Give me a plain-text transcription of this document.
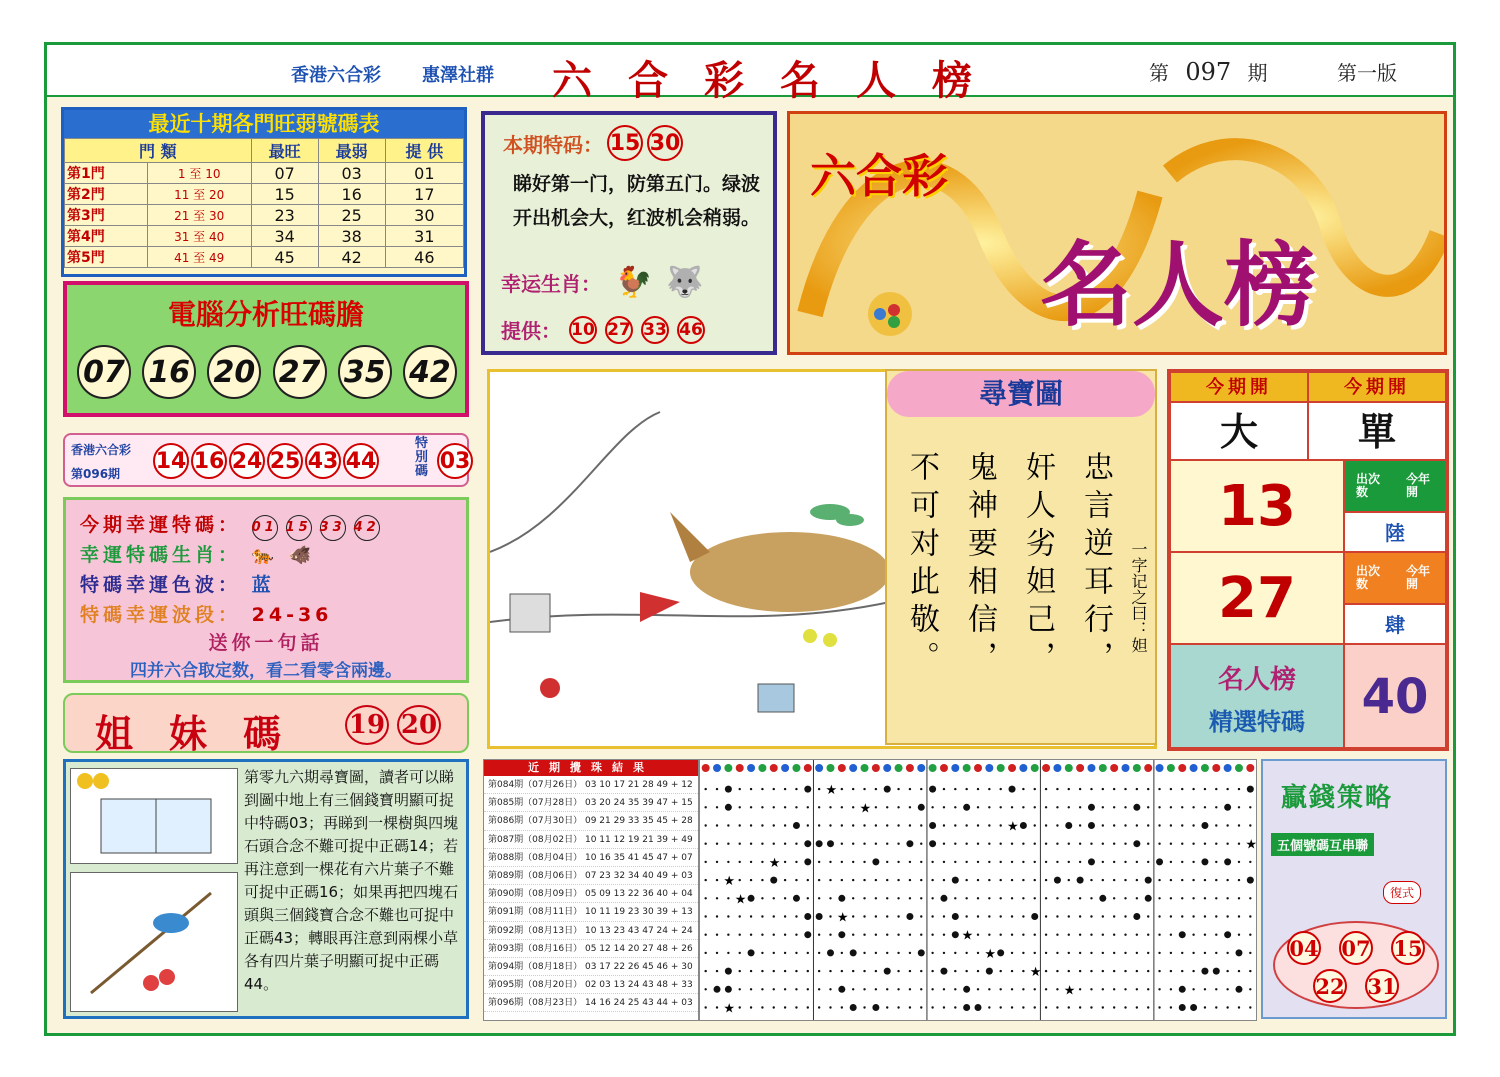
香港六合彩 惠澤社群 六合彩名人榜	第 097 期	第一版
最近十期各門旺弱號碼表
門 類		最旺	最弱	提 供
第1門	1 至 10	07	03	01
第2門	11 至 20	15	16	17
第3門	21 至 30	23	25	30
第4門	31 至 40	34	38	31
第5門	41 至 49	45	42	46
電腦分析旺碼膽
07 16 20 27 35 42
香港六合彩
第096期
14 16 24 25 43 44
特別碼 03
今期幸運特碼： 01 15 33 42
幸運特碼生肖： 🐅 🐗
特碼幸運色波： 蓝
特碼幸運波段： 24-36
送你一句話
四并六合取定数，看二看零含兩邊。
姐妹碼 19 20
本期特码： 15 30
睇好第一门，防第五门。绿波开出机会大，红波机会稍弱。
幸运生肖： 🐓 🐺
提供： 10 27 33 46
六合彩
名人榜
尋寶圖
忠言逆耳行，
奸人劣妲己，
鬼神要相信，
不可对此敬。	一字记之曰：妲
今期開	今期開
大	單
13	出次数
今年開
陸
27	出次数
今年開
肆
名人榜
精選特碼	40
第零九六期尋寶圖，讀者可以睇到圖中地上有三個錢寶明顯可捉中特碼03；再睇到一棵樹與四塊石頭合念不難可捉中正碼14；若再注意到一棵花有六片葉子不難可捉中正碼16；如果再把四塊石頭與三個錢寶合念不難也可捉中正碼43；轉眼再注意到兩棵小草各有四片葉子明顯可捉中正碼44。
近期攪珠結果
第084期（07月26日） 03 10 17 21 28 49 + 12
第085期（07月28日） 03 20 24 35 39 47 + 15
第086期（07月30日） 09 21 29 33 35 45 + 28
第087期（08月02日） 10 11 12 19 21 39 + 49
第088期（08月04日） 10 16 35 41 45 47 + 07
第089期（08月06日） 07 23 32 34 40 49 + 03
第090期（08月09日） 05 09 13 22 36 40 + 04
第091期（08月11日） 10 11 19 23 30 39 + 13
第092期（08月13日） 10 13 23 43 47 24 + 24
第093期（08月16日） 05 12 14 20 27 48 + 26
第094期（08月18日） 03 17 22 26 45 46 + 30
第095期（08月20日） 02 03 13 24 43 48 + 33
第096期（08月23日） 14 16 24 25 43 44 + 03
★
★
★
★
★
★
★
★
★
★
★
★
★
贏錢策略
五個號碼互串聯
復式
04 07 15
22 31
